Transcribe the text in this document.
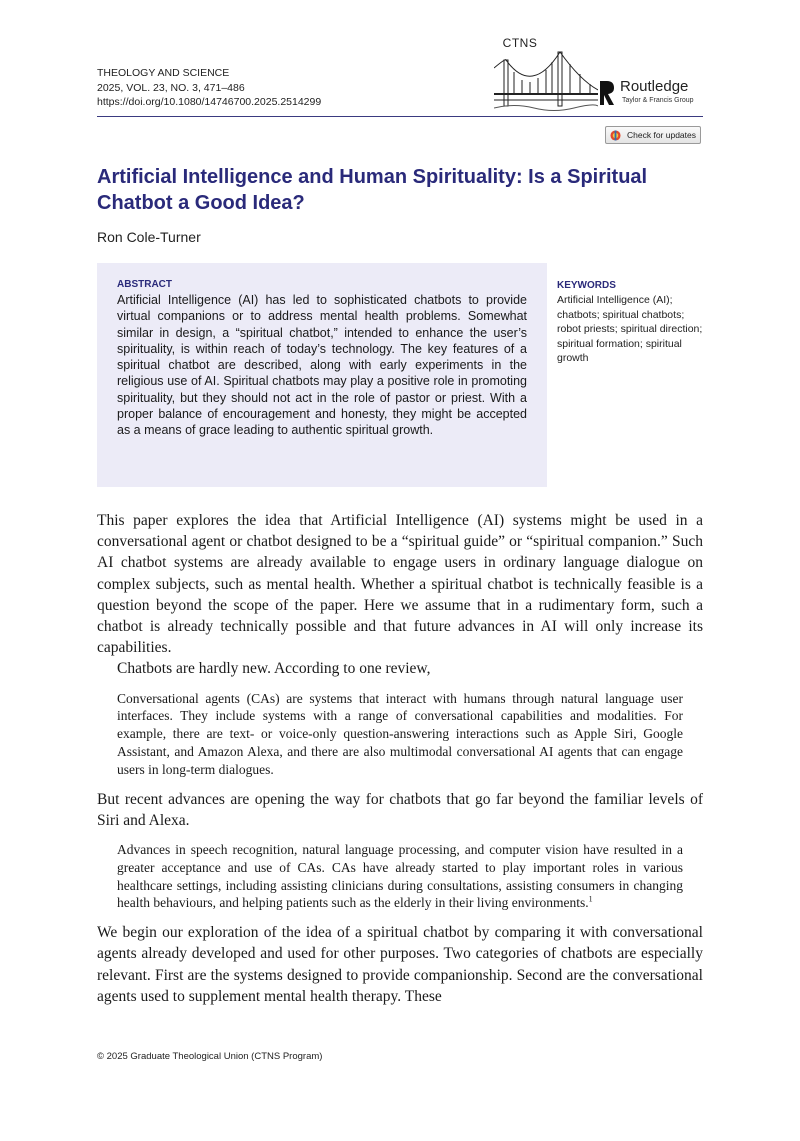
THEOLOGY AND SCIENCE
2025, VOL. 23, NO. 3, 471–486
https://doi.org/10.1080/14746700.2025.2514299
CTNS
Routledge
Taylor & Francis Group
Check for updates
Artificial Intelligence and Human Spirituality: Is a Spiritual Chatbot a Good Idea?
Ron Cole-Turner
ABSTRACT
Artificial Intelligence (AI) has led to sophisticated chatbots to provide virtual companions or to address mental health problems. Somewhat similar in design, a “spiritual chatbot,” intended to enhance the user’s spirituality, is within reach of today’s technology. The key features of a spiritual chatbot are described, along with early experiments in the religious use of AI. Spiritual chatbots may play a positive role in promoting spirituality, but they should not act in the role of pastor or priest. With a proper balance of encouragement and honesty, they might be accepted as a means of grace leading to authentic spiritual growth.
KEYWORDS
Artificial Intelligence (AI); chatbots; spiritual chatbots; robot priests; spiritual direction; spiritual formation; spiritual growth

This paper explores the idea that Artificial Intelligence (AI) systems might be used in a conversational agent or chatbot designed to be a “spiritual guide” or “spiritual companion.” Such AI chatbot systems are already available to engage users in ordinary language dialogue on complex subjects, such as mental health. Whether a spiritual chatbot is technically feasible is a question beyond the scope of the paper. Here we assume that in a rudimentary form, such a chatbot is already technically possible and that future advances in AI will only increase its capabilities.

Chatbots are hardly new. According to one review,

Conversational agents (CAs) are systems that interact with humans through natural language user interfaces. They include systems with a range of conversational capabilities and modalities. For example, there are text- or voice-only question-answering interactions such as Apple Siri, Google Assistant, and Amazon Alexa, and there are also multimodal conversational AI agents that can engage users in long-term dialogues.

But recent advances are opening the way for chatbots that go far beyond the familiar levels of Siri and Alexa.

Advances in speech recognition, natural language processing, and computer vision have resulted in a greater acceptance and use of CAs. CAs have already started to play important roles in various healthcare settings, including assisting clinicians during consultations, assisting consumers in changing health behaviours, and helping patients such as the elderly in their living environments.$^1$

We begin our exploration of the idea of a spiritual chatbot by comparing it with conversational agents already developed and used for other purposes. Two categories of chatbots are especially relevant. First are the systems designed to provide companionship. Second are the conversational agents used to supplement mental health therapy. These

© 2025 Graduate Theological Union (CTNS Program)
